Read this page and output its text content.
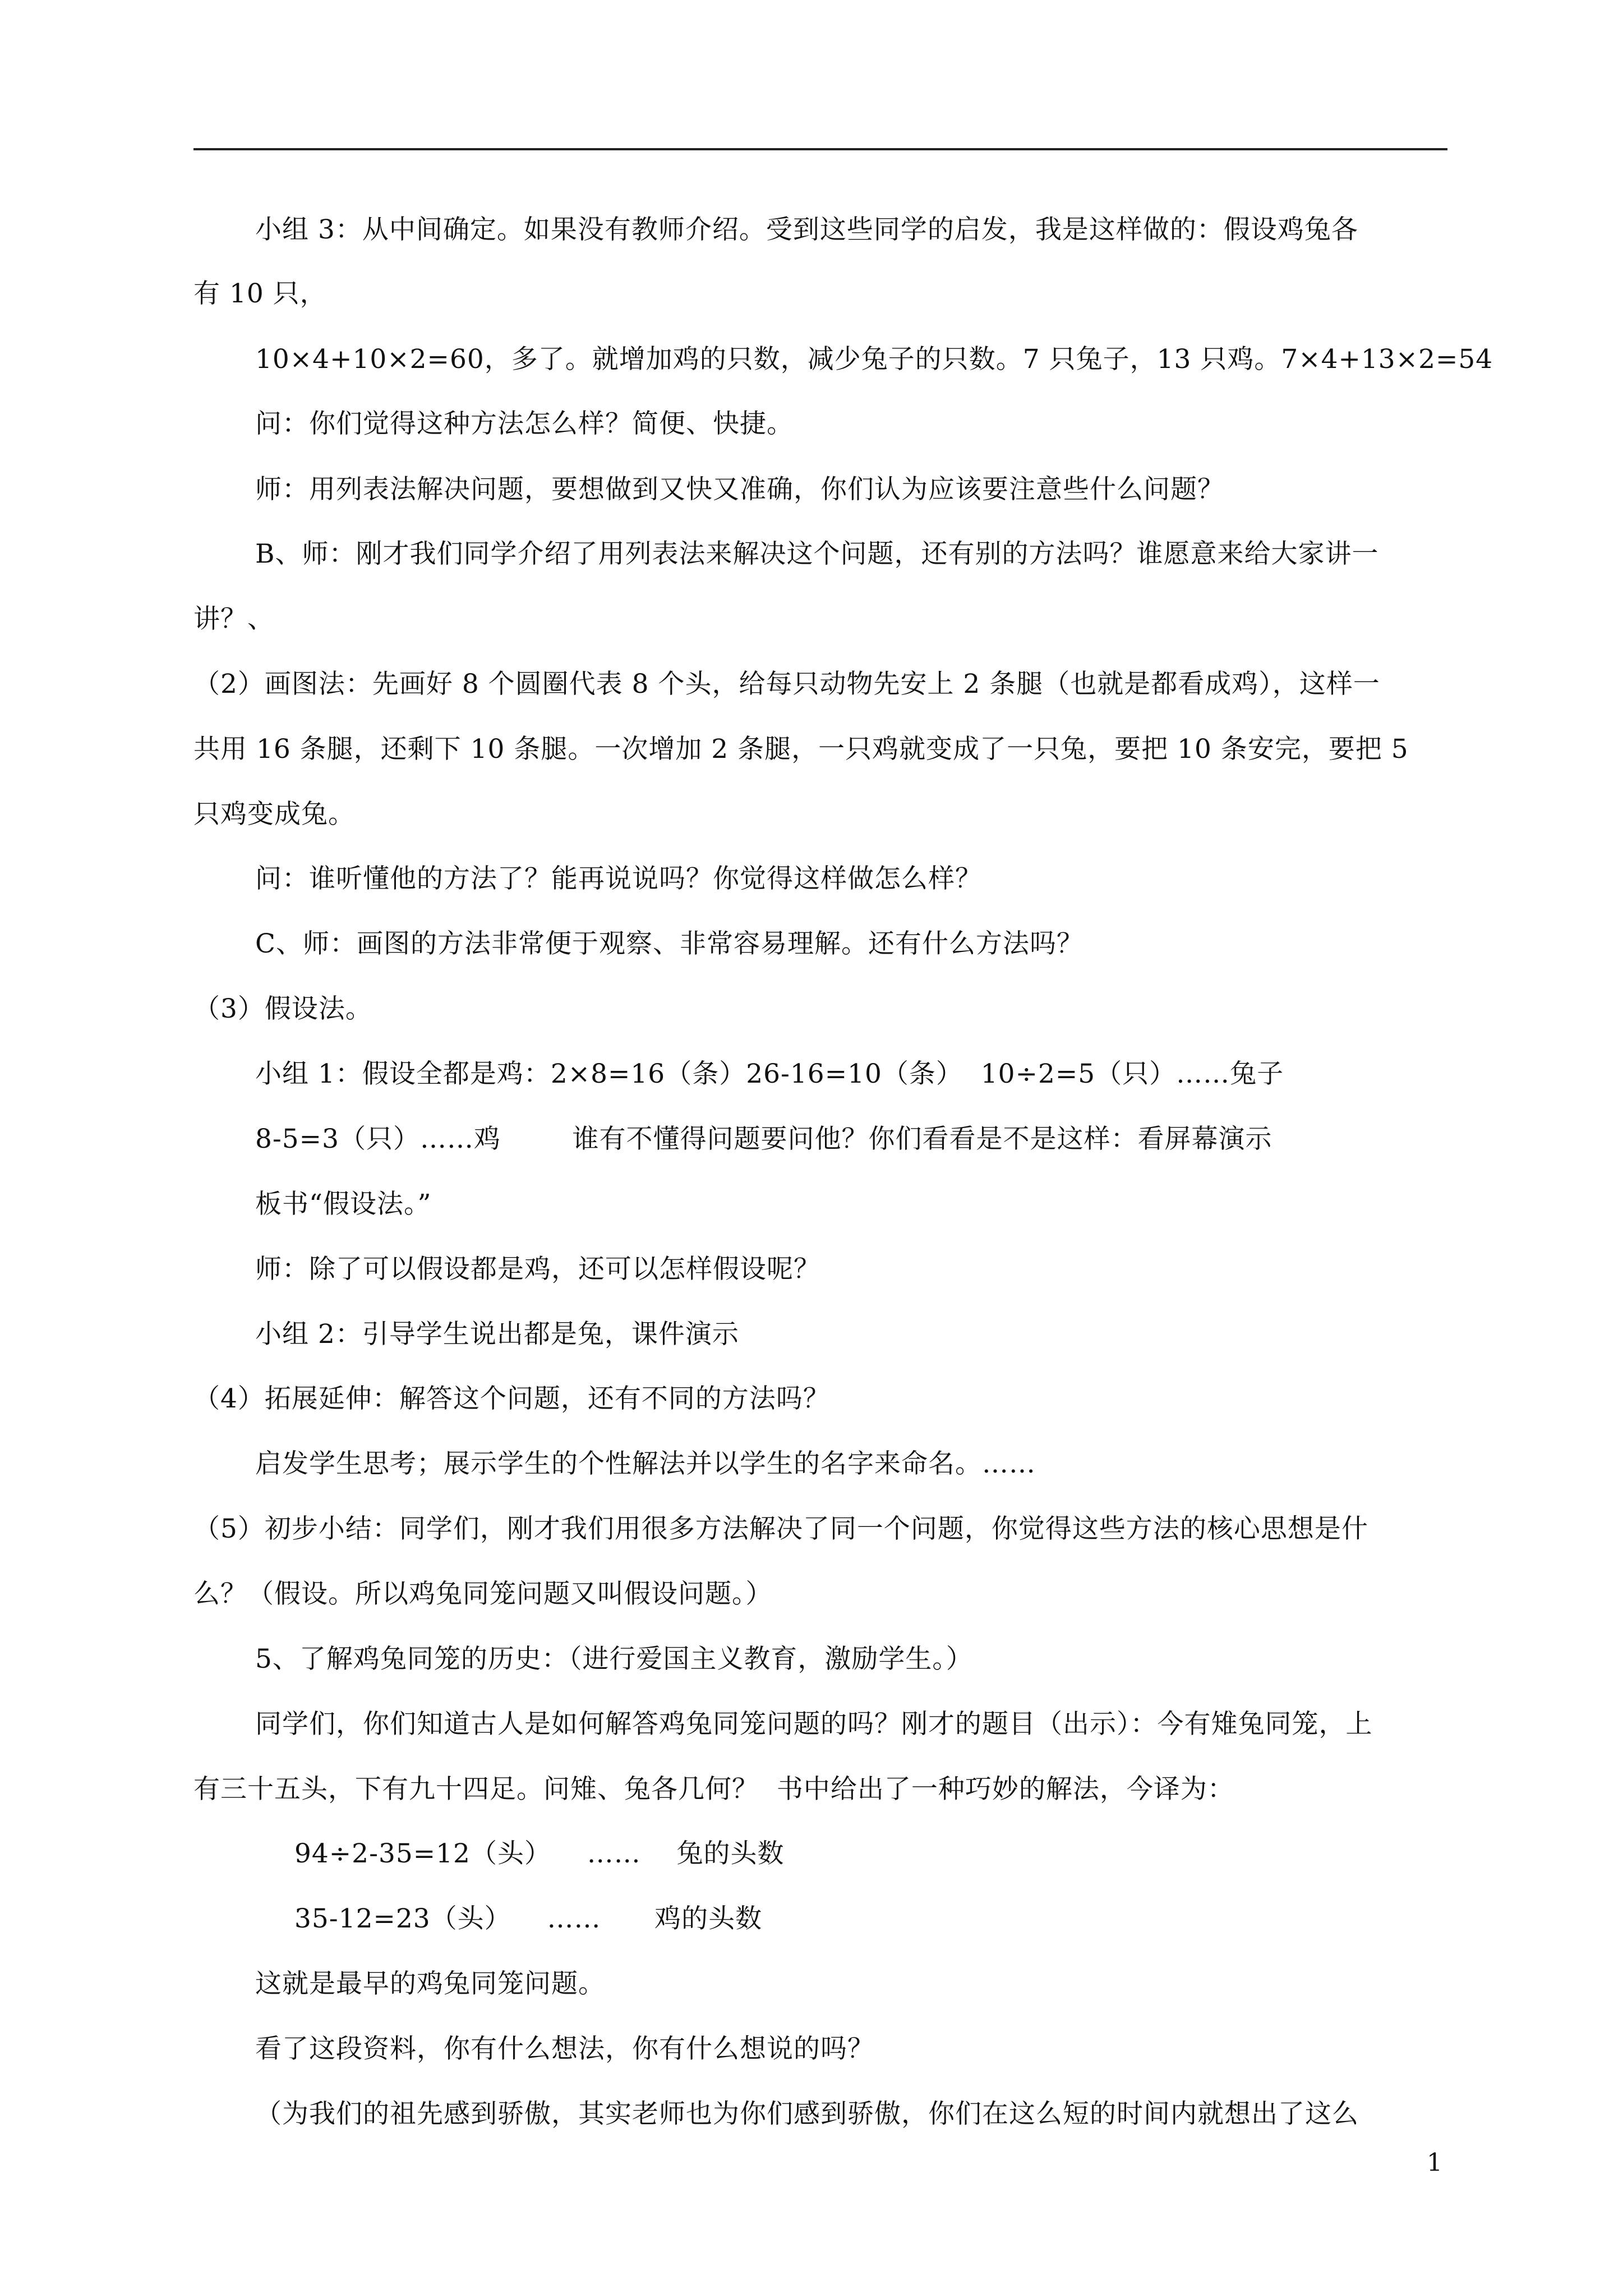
小组 3：从中间确定。如果没有教师介绍。受到这些同学的启发，我是这样做的：假设鸡兔各
有 10 只，
10×4+10×2=60，多了。就增加鸡的只数，减少兔子的只数。7 只兔子，13 只鸡。7×4+13×2=54
问：你们觉得这种方法怎么样？简便、快捷。
师：用列表法解决问题，要想做到又快又准确，你们认为应该要注意些什么问题？
B、师：刚才我们同学介绍了用列表法来解决这个问题，还有别的方法吗？谁愿意来给大家讲一
讲？、
（2）画图法：先画好 8 个圆圈代表 8 个头，给每只动物先安上 2 条腿（也就是都看成鸡），这样一
共用 16 条腿，还剩下 10 条腿。一次增加 2 条腿，一只鸡就变成了一只兔，要把 10 条安完，要把 5
只鸡变成兔。
问：谁听懂他的方法了？能再说说吗？你觉得这样做怎么样？
C、师：画图的方法非常便于观察、非常容易理解。还有什么方法吗？
（3）假设法。
小组 1：假设全都是鸡：2×8=16（条）26-16=10（条）  10÷2=5（只）……兔子
8-5=3（只）……鸡        谁有不懂得问题要问他？你们看看是不是这样：看屏幕演示
板书“假设法。”
师：除了可以假设都是鸡，还可以怎样假设呢？
小组 2：引导学生说出都是兔，课件演示
（4）拓展延伸：解答这个问题，还有不同的方法吗？
启发学生思考；展示学生的个性解法并以学生的名字来命名。……
（5）初步小结：同学们，刚才我们用很多方法解决了同一个问题，你觉得这些方法的核心思想是什
么？（假设。所以鸡兔同笼问题又叫假设问题。）
5、了解鸡兔同笼的历史：（进行爱国主义教育，激励学生。）
同学们，你们知道古人是如何解答鸡兔同笼问题的吗？刚才的题目（出示）：今有雉兔同笼，上
有三十五头，下有九十四足。问雉、兔各几何？  书中给出了一种巧妙的解法，今译为：
94÷2-35=12（头）    ……    兔的头数
35-12=23（头）    ……      鸡的头数
这就是最早的鸡兔同笼问题。
看了这段资料，你有什么想法，你有什么想说的吗？
（为我们的祖先感到骄傲，其实老师也为你们感到骄傲，你们在这么短的时间内就想出了这么
1
